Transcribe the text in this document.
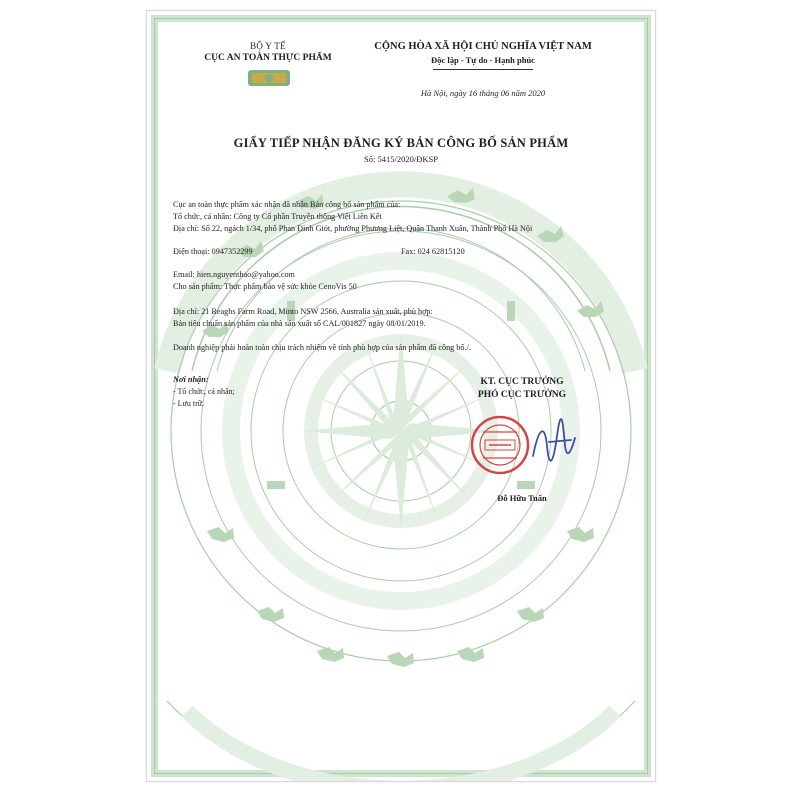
BỘ Y TẾ
CỤC AN TOÀN THỰC PHẨM
CỘNG HÒA XÃ HỘI CHỦ NGHĨA VIỆT NAM
Độc lập - Tự do - Hạnh phúc
Hà Nội, ngày 16 tháng 06 năm 2020
GIẤY TIẾP NHẬN ĐĂNG KÝ BẢN CÔNG BỐ SẢN PHẨM
Số: 5415/2020/ĐKSP
Cục an toàn thực phẩm xác nhận đã nhận Bản công bố sản phẩm của:
Tổ chức, cá nhân: Công ty Cổ phần Truyền thông Việt Liên Kết
Địa chỉ: Số 22, ngách 1/34, phố Phan Đình Giót, phường Phương Liệt, Quận Thanh Xuân, Thành Phố Hà Nội
Điện thoại: 0947352299	Fax: 024 62815120
Email: hien.nguyenthao@yahoo.com
Cho sản phẩm: Thực phẩm bảo vệ sức khỏe CenoVis 50
Địa chỉ: 21 Reaghs Farm Road, Minto NSW 2566, Australia sản xuất, phù hợp:
Bản tiêu chuẩn sản phẩm của nhà sản xuất số CAL/001827 ngày 08/01/2019.
Doanh nghiệp phải hoàn toàn chịu trách nhiệm về tính phù hợp của sản phẩm đã công bố./.
Nơi nhận:
- Tổ chức, cá nhân;
- Lưu trữ.
KT. CỤC TRƯỞNG
PHÓ CỤC TRƯỞNG
Đỗ Hữu Tuấn
